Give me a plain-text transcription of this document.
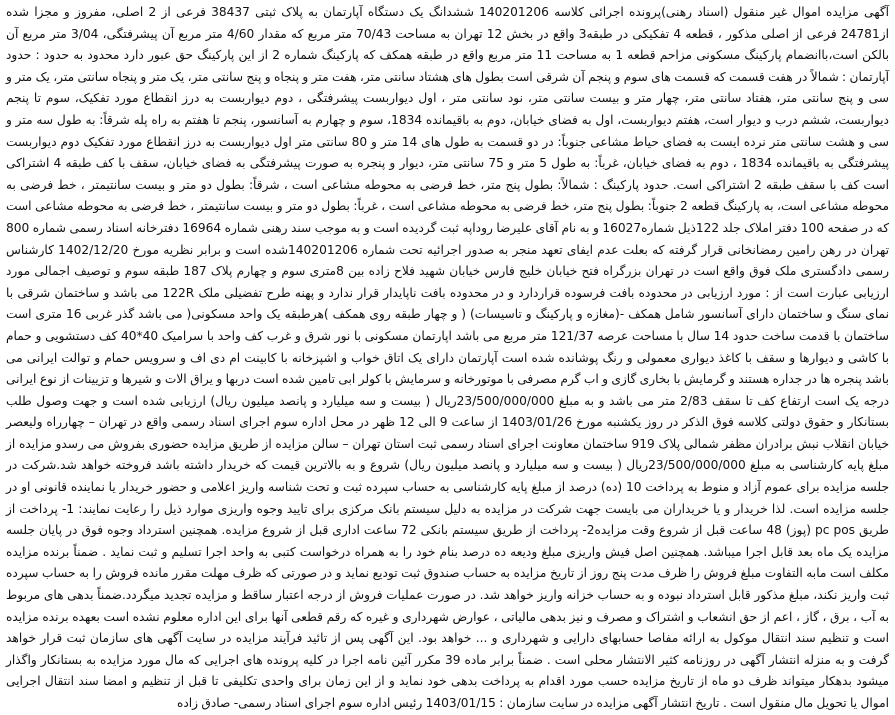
آگهی مزایده اموال غیر منقول (اسناد رهنی)پرونده اجرائی کلاسه 140201206 ششدانگ یک دستگاه آپارتمان به پلاک ثبتی 38437 فرعی از 2 اصلی، مفروز و مجزا شده از24781 فرعی از اصلی مذکور ، قطعه 4 تفکیکی در طبقه3 واقع در بخش 12 تهران به مساحت 70/43 متر مربع که مقدار 4/60 متر مربع آن پیشرفتگی، 3/04 متر مربع آن بالکن است،باانضمام پارکینگ مسکونی مزاحم قطعه 1 به مساحت 11 متر مربع واقع در طبقه همکف که پارکینگ شماره 2 از این پارکینگ حق عبور دارد محدود به حدود : حدود آپارتمان : شمالاً در هفت قسمت که قسمت های سوم و پنجم آن شرقی است بطول های هشتاد سانتی متر، هفت متر و پنجاه و پنج سانتی متر، یک متر و پنجاه سانتی متر، یک متر و سی و پنج سانتی متر، هفتاد سانتی متر، چهار متر و بیست سانتی متر، نود سانتی متر ، اول دیواربست پیشرفتگی ، دوم دیواربست به درز انقطاع مورد تفکیک، سوم تا پنجم دیواربست، ششم درب و دیوار است، هفتم دیواربست، اول به فضای خیابان، دوم به باقیمانده 1834، سوم و چهارم به آسانسور، پنجم تا هفتم به راه پله شرقاً: به طول سه متر و سی و هشت سانتی متر نرده ایست به فضای حیاط مشاعی جنوباً: در دو قسمت به طول های 14 متر و 80 سانتی متر اول دیواربست به درز انقطاع مورد تفکیک دوم دیواربست پیشرفتگی به باقیمانده 1834 ، دوم به فضای خیابان، غرباً: به طول 5 متر و 75 سانتی متر، دیوار و پنجره به صورت پیشرفتگی به فضای خیابان، سقف با کف طبقه 4 اشتراکی است کف با سقف طبقه 2 اشتراکی است. حدود پارکینگ : شمالاً: بطول پنج متر، خط فرضی به محوطه مشاعی است ، شرقاً: بطول دو متر و بیست سانتیمتر ، خط فرضی به محوطه مشاعی است، به پارکینگ قطعه 2 جنوباً: بطول پنج متر، خط فرضی به محوطه مشاعی است ، غرباً: بطول دو متر و بیست سانتیمتر ، خط فرضی به محوطه مشاعی است که در صفحه 100 دفتر املاک جلد 122ذیل شماره16027 و به نام آقای علیرضا روداپه ثبت گردیده است و به موجب سند رهنی شماره 16964 دفترخانه اسناد رسمی شماره 800 تهران در رهن رامین رمضانخانی قرار گرفته که بعلت عدم ایفای تعهد منجر به صدور اجرائیه تحت شماره 140201206شده است و برابر نظریه مورخ 1402/12/20 کارشناس رسمی دادگستری ملک فوق واقع است در تهران بزرگراه فتح خیابان خلیج فارس خیابان شهید فلاح زاده بین 8متری سوم و چهارم پلاک 187 طبقه سوم و توصیف اجمالی مورد ارزیابی عبارت است از : مورد ارزیابی در محدوده بافت فرسوده قراردارد و در محدوده بافت ناپایدار قرار ندارد و پهنه طرح تفضیلی ملک 122R می باشد و ساختمان شرقی با نمای سنگ و ساختمان دارای آسانسور شامل همکف -(مغازه و پارکینگ و تاسیسات) ( و چهار طبقه روی همکف )هرطبقه یک واحد مسکونی( می باشد گذر غربی 16 متری است ساختمان با قدمت ساخت حدود 14 سال با مساحت عرصه 121/37 متر مربع می باشد اپارتمان مسکونی با نور شرق و غرب کف واحد با سرامیک 40*40 کف دستشویی و حمام با کاشی و دیوارها و سقف با کاغذ دیواری معمولی و رنگ پوشانده شده است آپارتمان دارای یک اتاق خواب و اشپزخانه با کابینت ام دی اف و سرویس حمام و توالت ایرانی می باشد پنجره ها در جداره هستند و گرمایش با بخاری گازی و اب گرم مصرفی با موتورخانه و سرمایش با کولر ابی تامین شده است دربها و یراق الات و شیرها و تزیینات از نوع ایرانی درجه یک است ارتفاع کف تا سقف 2/83 متر می باشد و به مبلغ 23/500/000/000ریال ( بیست و سه میلیارد و پانصد میلیون ریال) ارزیابی شده است و جهت وصول طلب بستانکار و حقوق دولتی کلاسه فوق الذکر در روز یکشنبه مورخ 1403/01/26 از ساعت 9 الی 12 ظهر در محل اداره سوم اجرای اسناد رسمی واقع در تهران – چهارراه ولیعصر خیابان انقلاب نبش برادران مظفر شمالی پلاک 919 ساختمان معاونت اجرای اسناد رسمی ثبت استان تهران – سالن مزایده از طریق مزایده حضوری بفروش می رسدو مزایده از مبلغ پایه کارشناسی به مبلغ 23/500/000/000ریال ( بیست و سه میلیارد و پانصد میلیون ریال) شروع و به بالاترین قیمت که خریدار داشته باشد فروخته خواهد شد.شرکت در جلسه مزایده برای عموم آزاد و منوط به پرداخت 10 (ده) درصد از مبلغ پایه کارشناسی به حساب سپرده ثبت و تحت شناسه واریز اعلامی و حضور خریدار یا نماینده قانونی او در جلسه مزایده است. لذا خریدار و یا خریداران می بایست جهت شرکت در مزایده به دلیل سیستم بانک مرکزی برای تایید وجوه واریزی موارد ذیل را رعایت نمایند: 1- پرداخت از طریق pc pos (پوز) 48 ساعت قبل از شروع وقت مزایده2- پرداخت از طریق سیستم بانکی 72 ساعت اداری قبل از شروع مزایده. همچنین استرداد وجوه فوق در پایان جلسه مزایده یک ماه بعد قابل اجرا میباشد. همچنین اصل فیش واریزی مبلغ ودیعه ده درصد بنام خود را به همراه درخواست کتبی به واحد اجرا تسلیم و ثبت نماید . ضمناً برنده مزایده مکلف است مابه التفاوت مبلغ فروش را ظرف مدت پنج روز از تاریخ مزایده به حساب صندوق ثبت تودیع نماید و در صورتی که ظرف مهلت مقرر مانده فروش را به حساب سپرده ثبت واریز نکند، مبلغ مذکور قابل استرداد نبوده و به حساب خزانه واریز خواهد شد. در صورت عملیات فروش از درجه اعتبار ساقط و مزایده تجدید میگردد.ضمناً بدهی های مربوط به آب ، برق ، گاز ، اعم از حق انشعاب و اشتراک و مصرف و نیز بدهی مالیاتی ، عوارض شهرداری و غیره که رقم قطعی آنها برای این اداره معلوم نشده است بعهده برنده مزایده است و تنظیم سند انتقال موکول به ارائه مفاصا حسابهای دارایی و شهرداری و ... خواهد بود. این آگهی پس از تائید فرآیند مزایده در سایت آگهی های سازمان ثبت قرار خواهد گرفت و به منزله انتشار آگهی در روزنامه کثیر الانتشار محلی است . ضمناً برابر ماده 39 مکرر آئین نامه اجرا در کلیه پرونده های اجرایی که مال مورد مزایده به بستانکار واگذار میشود بدهکار میتواند ظرف دو ماه از تاریخ مزایده حسب مورد اقدام به پرداخت بدهی خود نماید و از این زمان برای واحدی تکلیفی تا قبل از تنظیم و امضا سند انتقال اجرایی اموال یا تحویل مال منقول است . تاریخ انتشار آگهی مزایده در سایت سازمان : 1403/01/15 رئیس اداره سوم اجرای اسناد رسمی- صادق زاده
